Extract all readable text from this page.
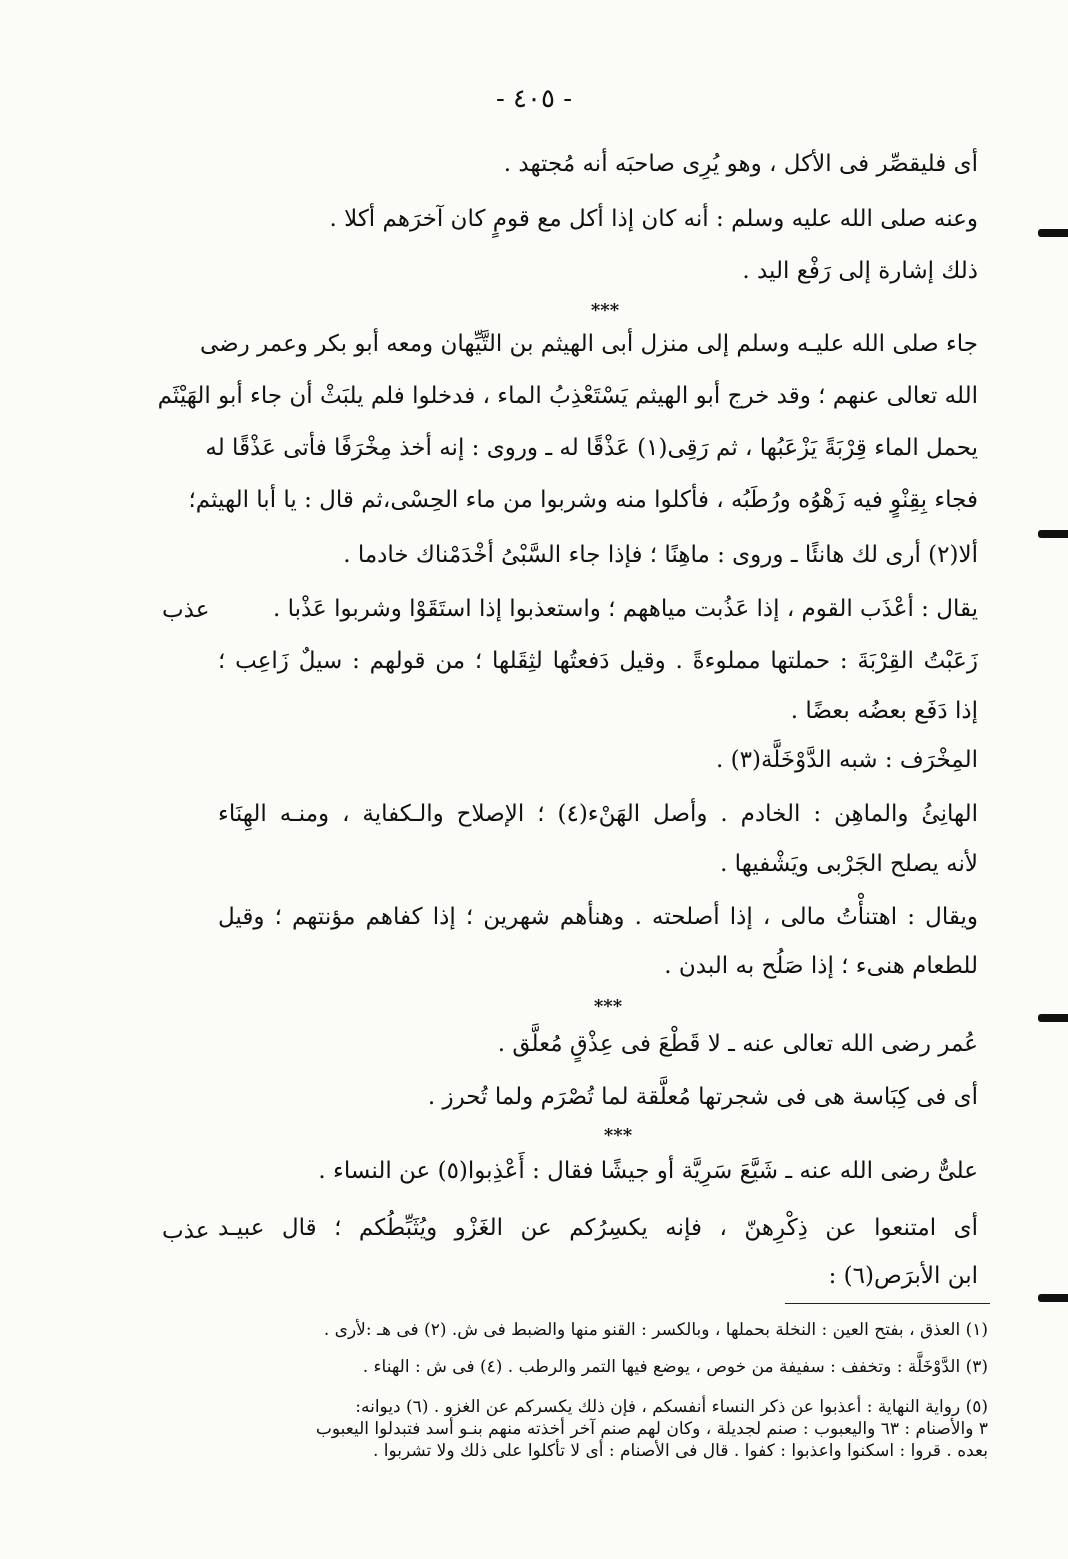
- ٤٠٥ -
أى فليقصِّر فى الأكل ، وهو يُرِى صاحبَه أنه مُجتهد .
وعنه صلى الله عليه وسلم : أنه كان إذا أكل مع قومٍ كان آخرَهم أكلا .
ذلك إشارة إلى رَفْع اليد .
***
جاء صلى الله عليـه وسلم إلى منزل أبى الهيثم بن التَّيِّهان ومعه أبو بكر وعمر رضى
الله تعالى عنهم ؛ وقد خرج أبو الهيثم يَسْتَعْذِبُ الماء ، فدخلوا فلم يلبَثْ أن جاء أبو الهَيْثَم
يحمل الماء قِرْبَةً يَزْعَبُها ، ثم رَقِى(١) عَذْقًا له ـ وروى : إنه أخذ مِخْرَفًا فأتى عَذْقًا له
فجاء بِقِنْوٍ فيه زَهْوُه ورُطَبُه ، فأكلوا منه وشربوا من ماء الحِسْى،ثم قال : يا أبا الهيثم؛
ألا(٢) أرى لك هانئًا ـ وروى : ماهِنًا ؛ فإذا جاء السَّبْىُ أخْدَمْناك خادما .
يقال : أعْذَب القوم ، إذا عَذُبت مياههم ؛ واستعذبوا إذا استَقَوْا وشربوا عَذْبا .
عذب
زَعَبْتُ القِرْبَةَ : حملتها مملوءةً . وقيل دَفعتُها لثِقَلها ؛ من قولهم : سيلٌ زَاعِب ؛
إذا دَفَع بعضُه بعضًا .
المِخْرَف : شبه الدَّوْخَلَّة(٣) .
الهانِئُ والماهِن : الخادم . وأصل الهَنْء(٤) ؛ الإصلاح والـكفاية ، ومنـه الهِنَاء
لأنه يصلح الجَرْبى ويَشْفيها .
ويقال : اهتنأْتُ مالى ، إذا أصلحته . وهنأهم شهرين ؛ إذا كفاهم مؤنتهم ؛ وقيل
للطعام هنىء ؛ إذا صَلُح به البدن .
***
عُمر رضى الله تعالى عنه ـ لا قَطْعَ فى عِذْقٍ مُعلَّق .
أى فى كِبَاسة هى فى شجرتها مُعلَّقة لما تُصْرَم ولما تُحرز .
***
علىٌّ رضى الله عنه ـ شَيَّعَ سَرِيَّة أو جيشًا فقال : أَعْذِبوا(٥) عن النساء .
أى امتنعوا عن ذِكْرِهنّ ، فإنه يكسِرُكم عن الغَزْو ويُثَبِّطُكم ؛ قال عبيـد
عذب
ابن الأبرَص(٦) :
(١) العذق ، بفتح العين : النخلة بحملها ، وبالكسر : القنو منها والضبط فى ش. (٢) فى هـ :لأرى .
(٣) الدَّوْخَلَّة : وتخفف : سفيفة من خوص ، يوضع فيها التمر والرطب . (٤) فى ش : الهناء .
(٥) رواية النهاية : أعذبوا عن ذكر النساء أنفسكم ، فإن ذلك يكسركم عن الغزو . (٦) ديوانه:
٣ والأصنام : ٦٣ واليعبوب : صنم لجديلة ، وكان لهم صنم آخر أخذته منهم بنـو أسد فتبدلوا اليعبوب
بعده . قروا : اسكنوا واعذبوا : كفوا . قال فى الأصنام : أى لا تأكلوا على ذلك ولا تشربوا .
